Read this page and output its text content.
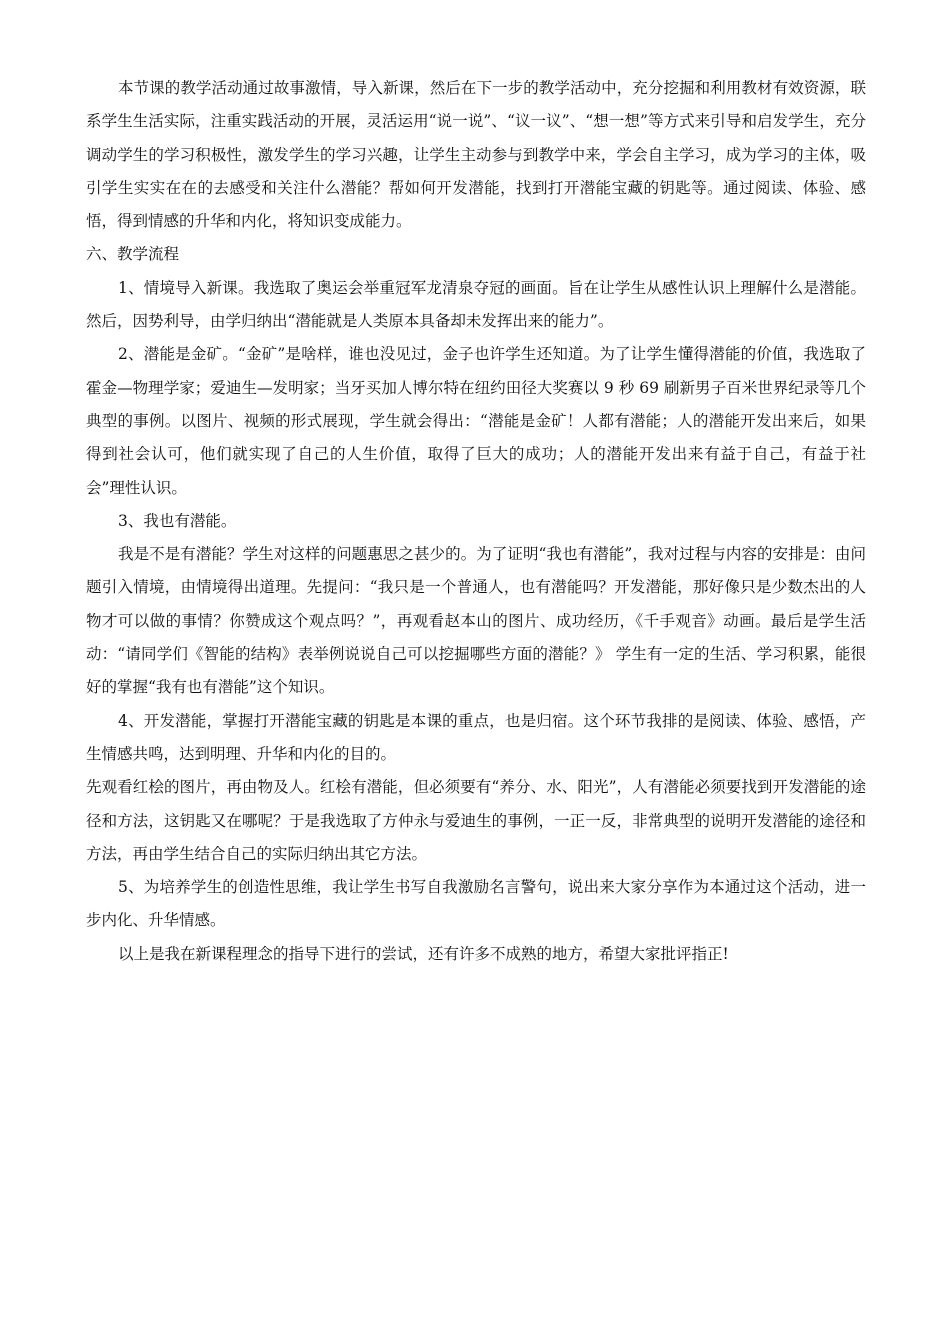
本节课的教学活动通过故事激情，导入新课，然后在下一步的教学活动中，充分挖掘和利用教材有效资源，联系学生生活实际，注重实践活动的开展，灵活运用“说一说”、“议一议”、“想一想”等方式来引导和启发学生，充分调动学生的学习积极性，激发学生的学习兴趣，让学生主动参与到教学中来，学会自主学习，成为学习的主体，吸引学生实实在在的去感受和关注什么潜能？帮如何开发潜能，找到打开潜能宝藏的钥匙等。通过阅读、体验、感悟，得到情感的升华和内化，将知识变成能力。

六、教学流程

1、情境导入新课。我选取了奥运会举重冠军龙清泉夺冠的画面。旨在让学生从感性认识上理解什么是潜能。然后，因势利导，由学归纳出“潜能就是人类原本具备却未发挥出来的能力”。

2、潜能是金矿。“金矿”是啥样，谁也没见过，金子也许学生还知道。为了让学生懂得潜能的价值，我选取了霍金—物理学家；爱迪生—发明家；当牙买加人博尔特在纽约田径大奖赛以 9 秒 69 刷新男子百米世界纪录等几个典型的事例。以图片、视频的形式展现，学生就会得出：“潜能是金矿！人都有潜能；人的潜能开发出来后，如果得到社会认可，他们就实现了自己的人生价值，取得了巨大的成功；人的潜能开发出来有益于自己，有益于社会”理性认识。

3、我也有潜能。

我是不是有潜能？学生对这样的问题惠思之甚少的。为了证明“我也有潜能”，我对过程与内容的安排是：由问题引入情境，由情境得出道理。先提问：“我只是一个普通人，也有潜能吗？开发潜能，那好像只是少数杰出的人物才可以做的事情？你赞成这个观点吗？”，再观看赵本山的图片、成功经历，《千手观音》动画。最后是学生活动：“请同学们《智能的结构》表举例说说自己可以挖掘哪些方面的潜能？》 学生有一定的生活、学习积累，能很好的掌握“我有也有潜能”这个知识。

4、开发潜能，掌握打开潜能宝藏的钥匙是本课的重点，也是归宿。这个环节我排的是阅读、体验、感悟，产生情感共鸣，达到明理、升华和内化的目的。

先观看红桧的图片，再由物及人。红桧有潜能，但必须要有“养分、水、阳光”，人有潜能必须要找到开发潜能的途径和方法，这钥匙又在哪呢？于是我选取了方仲永与爱迪生的事例，一正一反，非常典型的说明开发潜能的途径和方法，再由学生结合自己的实际归纳出其它方法。

5、为培养学生的创造性思维，我让学生书写自我激励名言警句，说出来大家分享作为本通过这个活动，进一步内化、升华情感。

以上是我在新课程理念的指导下进行的尝试，还有许多不成熟的地方，希望大家批评指正!
